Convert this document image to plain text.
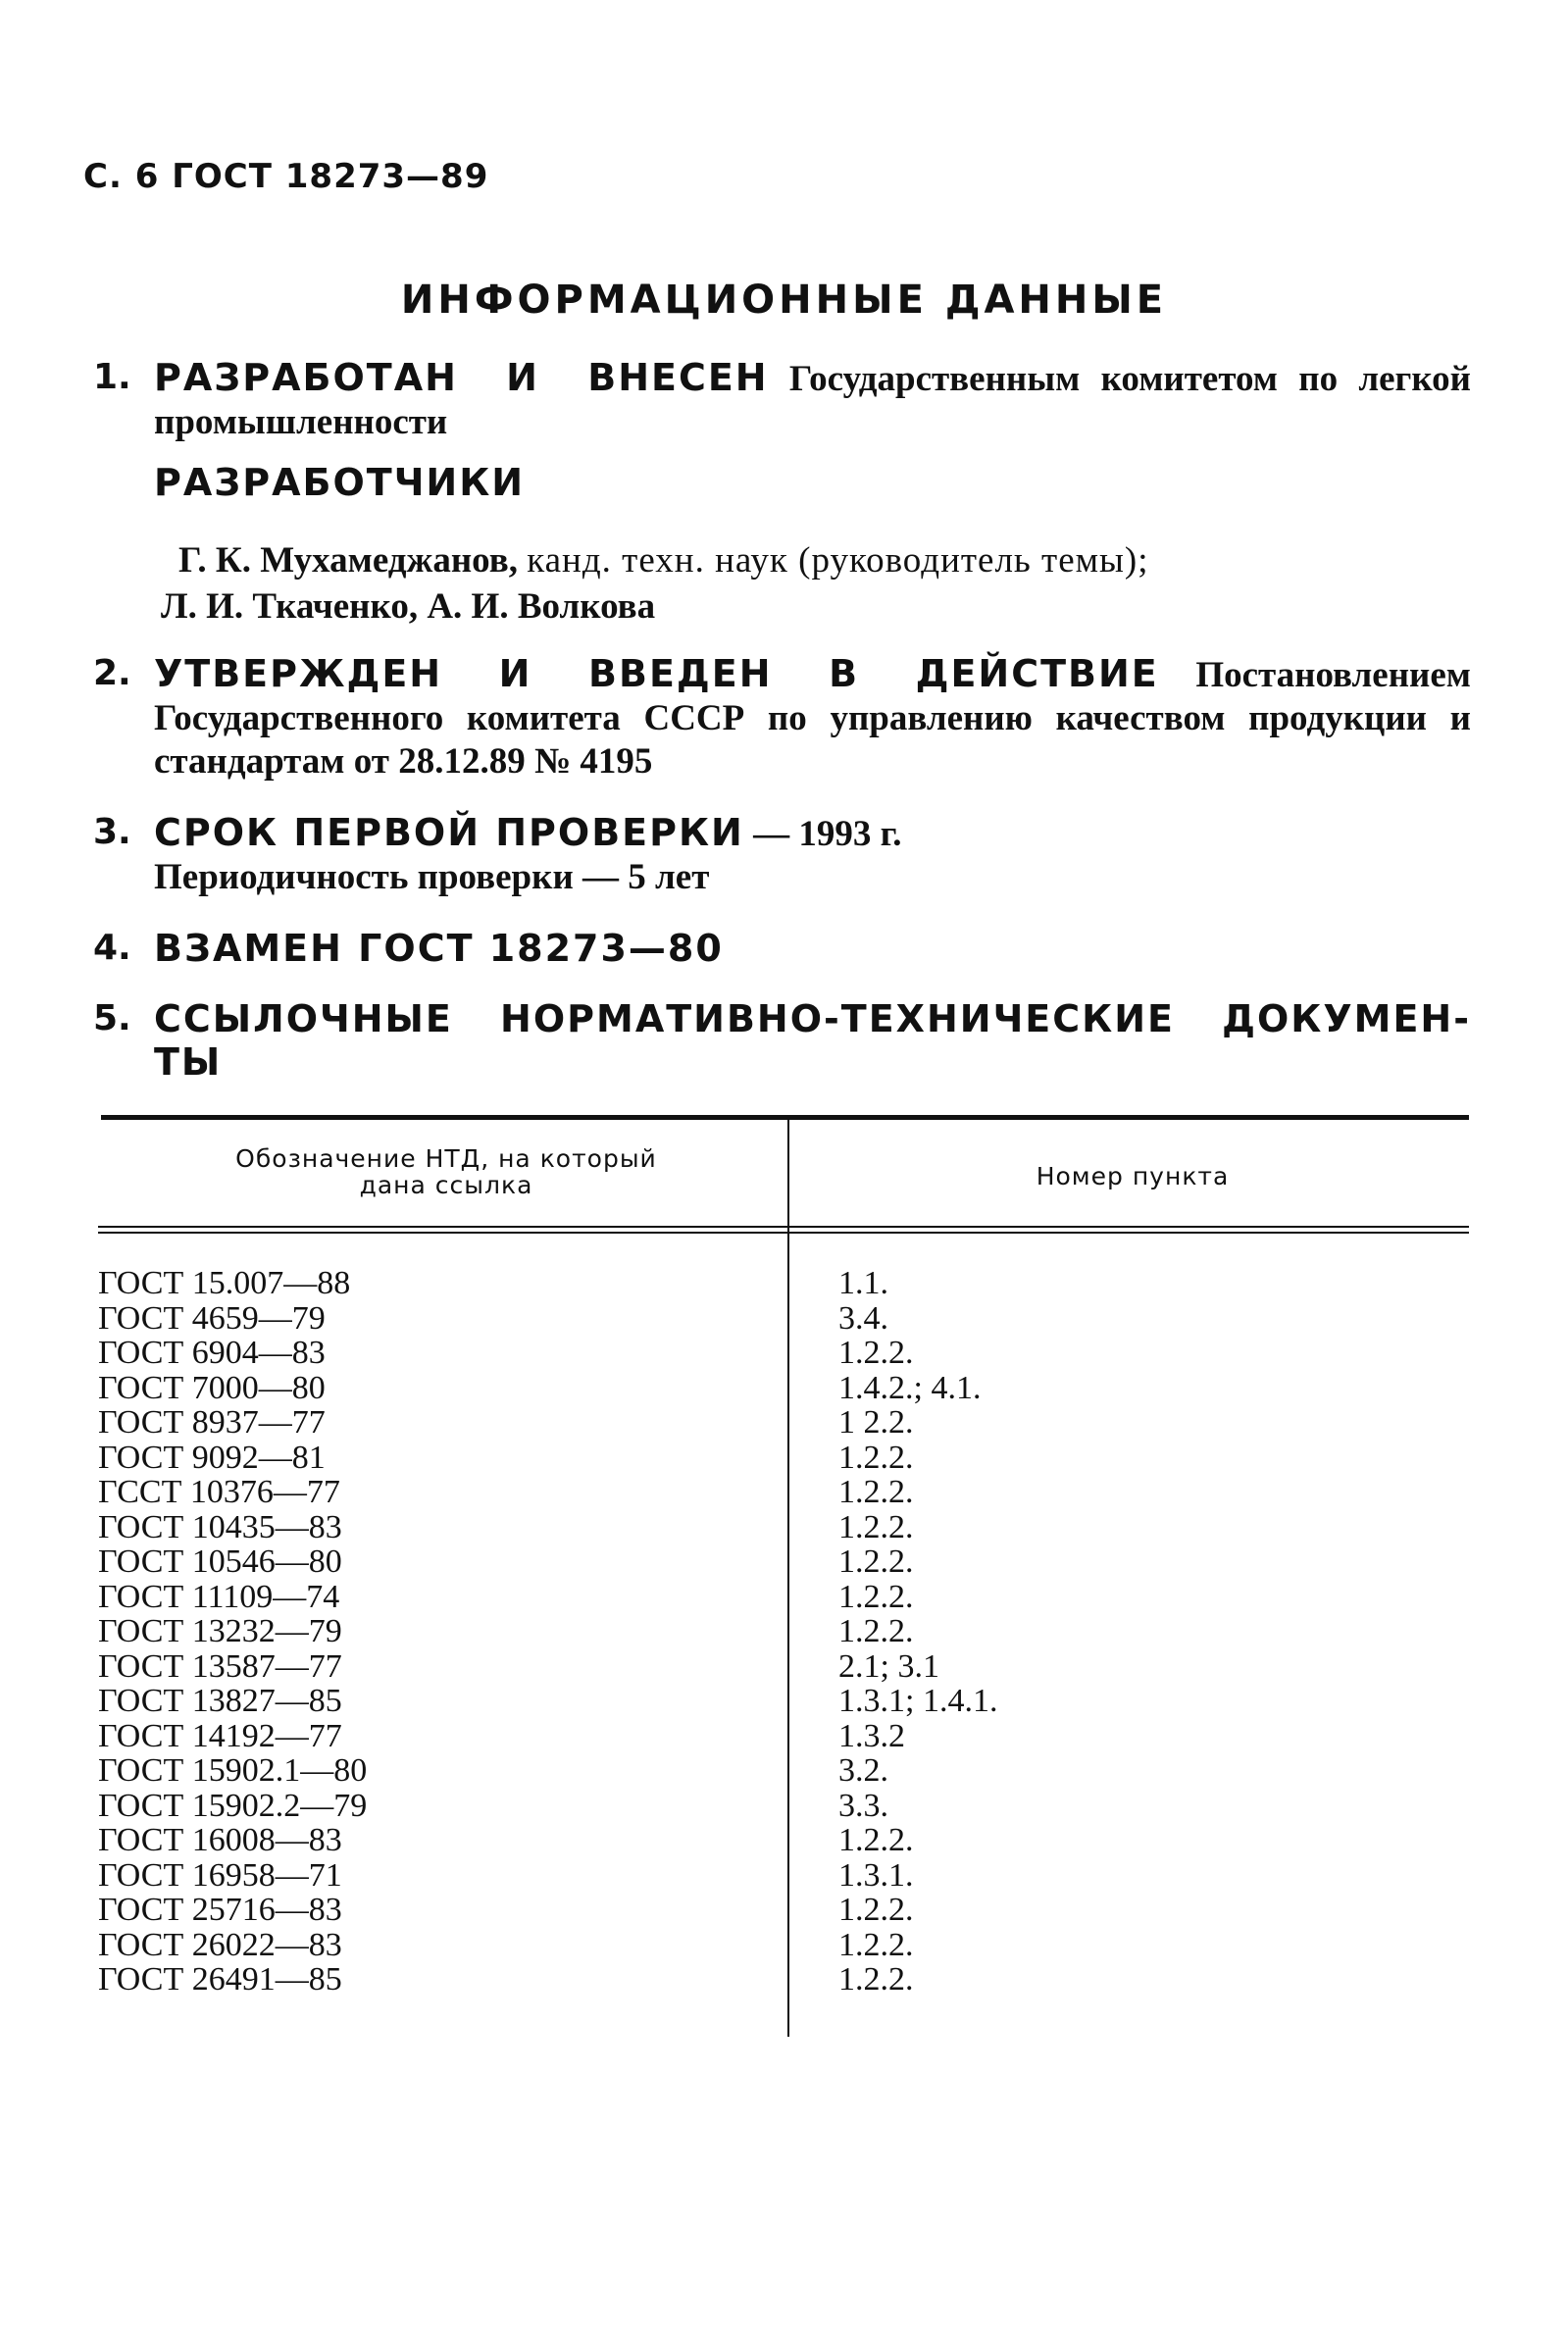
С. 6 ГОСТ 18273—89
ИНФОРМАЦИОННЫЕ ДАННЫЕ
1. РАЗРАБОТАН И ВНЕСЕН Государственным комитетом по легкой промышленности
РАЗРАБОТЧИКИ
Г. К. Мухамеджанов, канд. техн. наук (руководитель темы);
Л. И. Ткаченко, А. И. Волкова
2. УТВЕРЖДЕН И ВВЕДЕН В ДЕЙСТВИЕ Постановлением Государственного комитета СССР по управлению качеством продукции и стандартам от 28.12.89 № 4195
3. СРОК ПЕРВОЙ ПРОВЕРКИ — 1993 г.
Периодичность проверки — 5 лет
4. ВЗАМЕН ГОСТ 18273—80
5. ССЫЛОЧНЫЕ НОРМАТИВНО-ТЕХНИЧЕСКИЕ ДОКУМЕН-
ТЫ
Обозначение НТД, на который
дана ссылка	Номер пункта
ГОСТ 15.007—88	1.1.
ГОСТ 4659—79	3.4.
ГОСТ 6904—83	1.2.2.
ГОСТ 7000—80	1.4.2.; 4.1.
ГОСТ 8937—77	1 2.2.
ГОСТ 9092—81	1.2.2.
ГССТ 10376—77	1.2.2.
ГОСТ 10435—83	1.2.2.
ГОСТ 10546—80	1.2.2.
ГОСТ 11109—74	1.2.2.
ГОСТ 13232—79	1.2.2.
ГОСТ 13587—77	2.1; 3.1
ГОСТ 13827—85	1.3.1; 1.4.1.
ГОСТ 14192—77	1.3.2
ГОСТ 15902.1—80	3.2.
ГОСТ 15902.2—79	3.3.
ГОСТ 16008—83	1.2.2.
ГОСТ 16958—71	1.3.1.
ГОСТ 25716—83	1.2.2.
ГОСТ 26022—83	1.2.2.
ГОСТ 26491—85	1.2.2.
